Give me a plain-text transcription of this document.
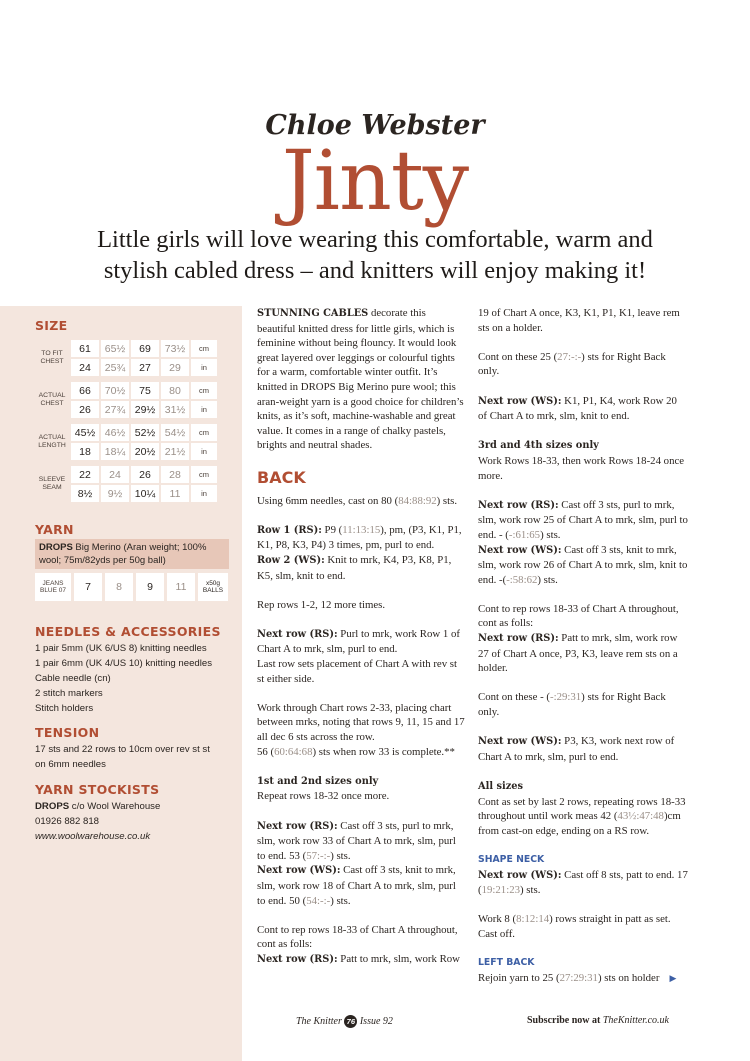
Chloe Webster
Jinty
Little girls will love wearing this comfortable, warm and
stylish cabled dress – and knitters will enjoy making it!
SIZE
TO FIT CHEST	61	65½	69	73½	cm
	24	25¾	27	29	in

ACTUAL CHEST	66	70½	75	80	cm
	26	27¾	29½	31½	in

ACTUAL LENGTH	45½	46½	52½	54½	cm
	18	18¼	20½	21½	in

SLEEVE SEAM	22	24	26	28	cm
	8½	9½	10¼	11	in
YARN
DROPS Big Merino (Aran weight; 100% wool; 75m/82yds per 50g ball)
JEANS BLUE 07	7	8	9	11	x50g BALLS
NEEDLES & ACCESSORIES
1 pair 5mm (UK 6/US 8) knitting needles
1 pair 6mm (UK 4/US 10) knitting needles
Cable needle (cn)
2 stitch markers
Stitch holders
TENSION
17 sts and 22 rows to 10cm over rev st st
on 6mm needles
YARN STOCKISTS
DROPS c/o Wool Warehouse
01926 882 818
www.woolwarehouse.co.uk

STUNNING CABLES decorate this beautiful knitted dress for little girls, which is feminine without being flouncy. It would look great layered over leggings or colourful tights for a warm, comfortable winter outfit. It’s knitted in DROPS Big Merino pure wool; this aran-weight yarn is a good choice for children’s knits, as it’s soft, machine-washable and great value. It comes in a range of chalky pastels, brights and neutral shades.

BACK

Using 6mm needles, cast on 80 (84:88:92) sts.

Row 1 (RS): P9 (11:13:15), pm, (P3, K1, P1, K1, P8, K3, P4) 3 times, pm, purl to end.
Row 2 (WS): Knit to mrk, K4, P3, K8, P1, K5, slm, knit to end.

Rep rows 1-2, 12 more times.

Next row (RS): Purl to mrk, work Row 1 of Chart A to mrk, slm, purl to end.
Last row sets placement of Chart A with rev st st either side.

Work through Chart rows 2-33, placing chart between mrks, noting that rows 9, 11, 15 and 17 all dec 6 sts across the row.
56 (60:64:68) sts when row 33 is complete.**

1st and 2nd sizes only
Repeat rows 18-32 once more.

Next row (RS): Cast off 3 sts, purl to mrk, slm, work row 33 of Chart A to mrk, slm, purl to end. 53 (57:-:-) sts.
Next row (WS): Cast off 3 sts, knit to mrk, slm, work row 18 of Chart A to mrk, slm, purl to end. 50 (54:-:-) sts.

Cont to rep rows 18-33 of Chart A throughout, cont as folls:
Next row (RS): Patt to mrk, slm, work Row

19 of Chart A once, K3, K1, P1, K1, leave rem sts on a holder.

Cont on these 25 (27:-:-) sts for Right Back only.

Next row (WS): K1, P1, K4, work Row 20 of Chart A to mrk, slm, knit to end.

3rd and 4th sizes only
Work Rows 18-33, then work Rows 18-24 once more.

Next row (RS): Cast off 3 sts, purl to mrk, slm, work row 25 of Chart A to mrk, slm, purl to end. - (-:61:65) sts.
Next row (WS): Cast off 3 sts, knit to mrk, slm, work row 26 of Chart A to mrk, slm, knit to end. -(-:58:62) sts.

Cont to rep rows 18-33 of Chart A throughout, cont as folls:
Next row (RS): Patt to mrk, slm, work row 27 of Chart A once, P3, K3, leave rem sts on a holder.

Cont on these - (-:29:31) sts for Right Back only.

Next row (WS): P3, K3, work next row of Chart A to mrk, slm, purl to end.

All sizes
Cont as set by last 2 rows, repeating rows 18-33 throughout until work meas 42 (43½:47:48)cm from cast-on edge, ending on a RS row.

SHAPE NECK

Next row (WS): Cast off 8 sts, patt to end. 17 (19:21:23) sts.

Work 8 (8:12:14) rows straight in patt as set. Cast off.

LEFT BACK
Rejoin yarn to 25 (27:29:31) sts on holder ▶
The Knitter 76 Issue 92	Subscribe now at TheKnitter.co.uk
